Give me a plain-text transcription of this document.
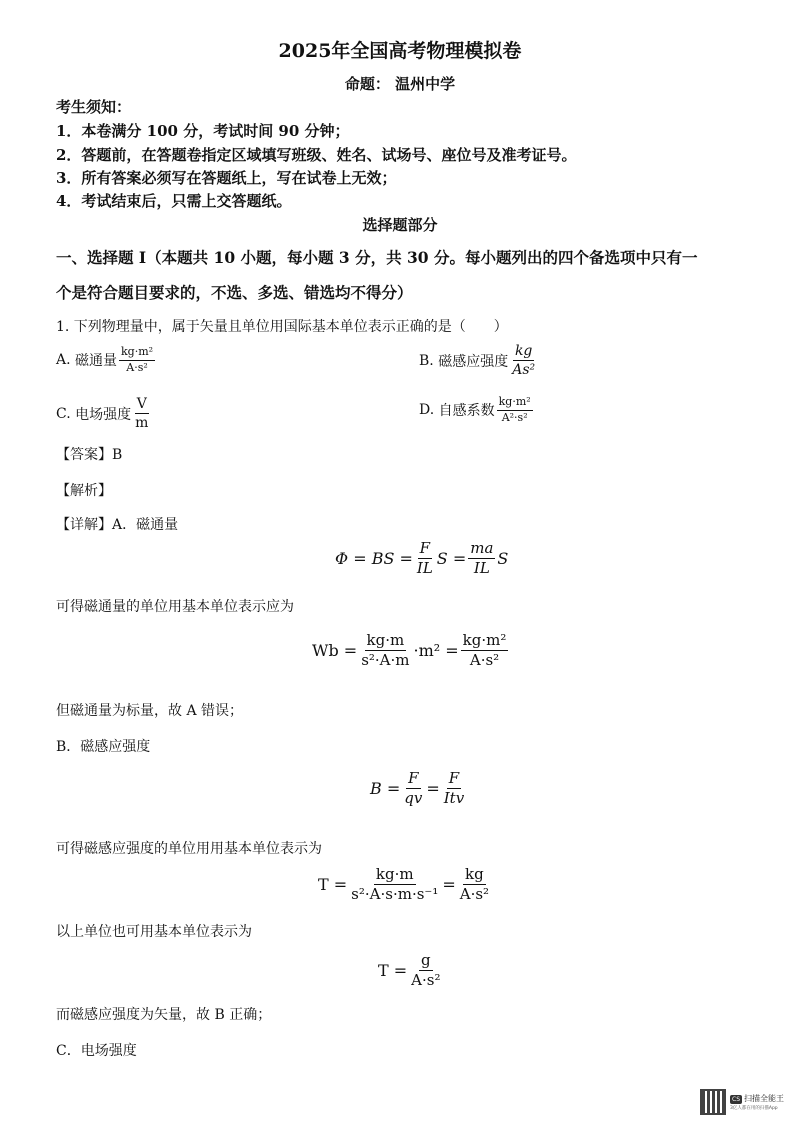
2025年全国高考物理模拟卷
命题： 温州中学
考生须知：
1．本卷满分 100 分，考试时间 90 分钟；
2．答题前，在答题卷指定区域填写班级、姓名、试场号、座位号及准考证号。
3．所有答案必须写在答题纸上，写在试卷上无效；
4．考试结束后，只需上交答题纸。
选择题部分
一、选择题 I（本题共 10 小题，每小题 3 分，共 30 分。每小题列出的四个备选项中只有一
个是符合题目要求的，不选、多选、错选均不得分）
1. 下列物理量中，属于矢量且单位用国际基本单位表示正确的是（　　）
A.
磁通量 $\frac{\text{kg·m²}}{\text{A·s²}}$	B.
磁感应强度 $\frac{kg}{\text{As²}}$
C.
电场强度 $\frac{V}{m}$	D.
自感系数 $\frac{\text{kg·m²}}{\text{A²·s²}}$
【答案】B
【解析】
【详解】A．磁通量
Φ = BS = $\frac{F}{IL}$ $S = \frac{ma}{IL}$ S
可得磁通量的单位用基本单位表示应为
$Wb = \frac{kg\cdot m}{\text{s²·A·m}} \cdot m^2 = \frac{\text{kg·m²}}{\text{A·s²}}$
但磁通量为标量，故 A 错误；
B．磁感应强度
$B = \frac{F}{qv} = \frac{F}{\text{Itv}}$
可得磁感应强度的单位用用基本单位表示为
$T = \frac{kg\cdot m}{\text{s²·A·s·m·s⁻¹}} = \frac{kg}{\text{A·s²}}$
以上单位也可用基本单位表示为
$T = \frac{g}{\text{A·s²}}$
而磁感应强度为矢量，故 B 正确；
C．电场强度
CS 扫描全能王
3亿人都在用的扫描App
